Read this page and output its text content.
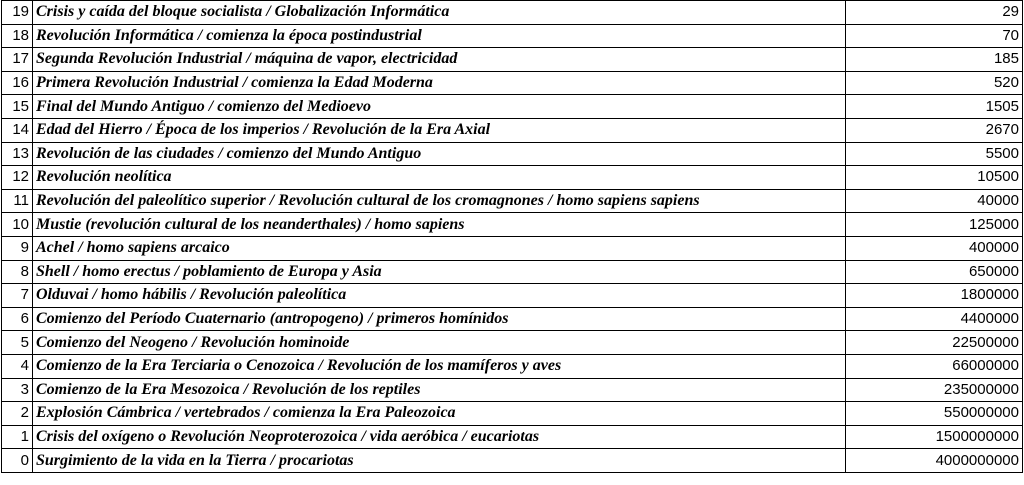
19	Crisis y caída del bloque socialista / Globalización Informática	29
18	Revolución Informática / comienza la época postindustrial	70
17	Segunda Revolución Industrial / máquina de vapor, electricidad	185
16	Primera Revolución Industrial / comienza la Edad Moderna	520
15	Final del Mundo Antiguo / comienzo del Medioevo	1505
14	Edad del Hierro / Época de los imperios / Revolución de la Era Axial	2670
13	Revolución de las ciudades / comienzo del Mundo Antiguo	5500
12	Revolución neolítica	10500
11	Revolución del paleolítico superior / Revolución cultural de los cromagnones / homo sapiens sapiens	40000
10	Mustie (revolución cultural de los neanderthales) / homo sapiens	125000
9	Achel / homo sapiens arcaico	400000
8	Shell / homo erectus / poblamiento de Europa y Asia	650000
7	Olduvai / homo hábilis / Revolución paleolítica	1800000
6	Comienzo del Período Cuaternario (antropogeno) / primeros homínidos	4400000
5	Comienzo del Neogeno / Revolución hominoide	22500000
4	Comienzo de la Era Terciaria o Cenozoica / Revolución de los mamíferos y aves	66000000
3	Comienzo de la Era Mesozoica / Revolución de los reptiles	235000000
2	Explosión Cámbrica / vertebrados / comienza la Era Paleozoica	550000000
1	Crisis del oxígeno o Revolución Neoproterozoica / vida aeróbica / eucariotas	1500000000
0	Surgimiento de la vida en la Tierra / procariotas	4000000000
